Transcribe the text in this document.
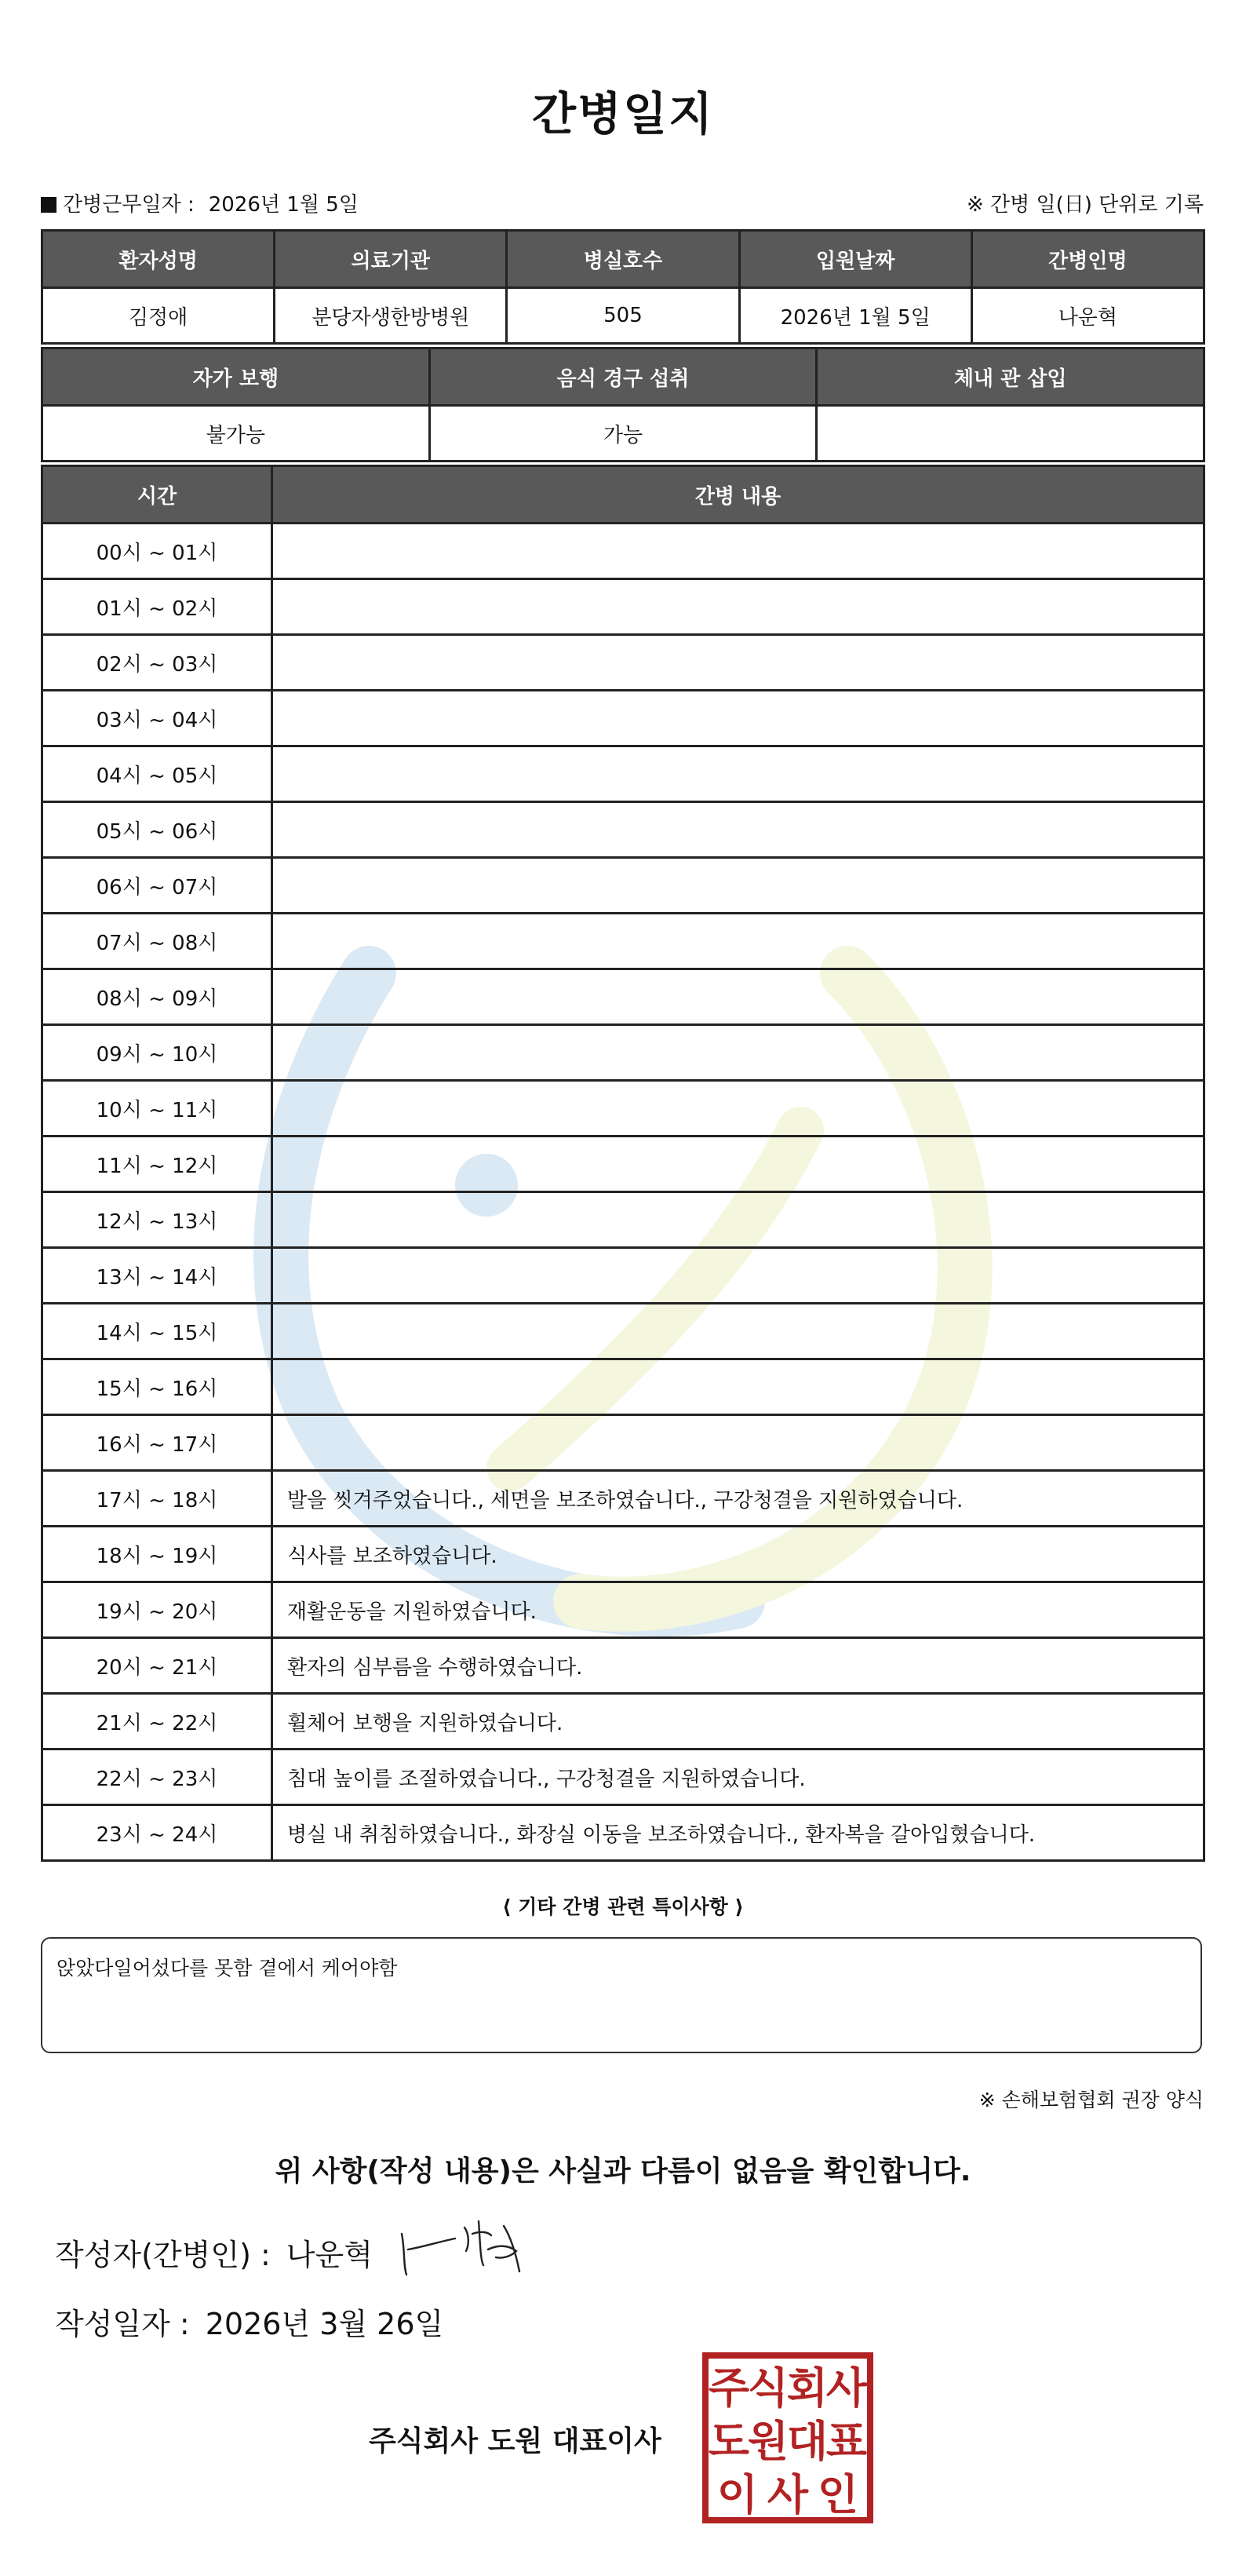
간병일지
간병근무일자 : 2026년 1월 5일	※ 간병 일(日) 단위로 기록
환자성명	의료기관	병실호수	입원날짜	간병인명
김정애	분당자생한방병원	505	2026년 1월 5일	나운혁
자가 보행	음식 경구 섭취	체내 관 삽입
불가능	가능	
시간	간병 내용
00시 ~ 01시	
01시 ~ 02시	
02시 ~ 03시	
03시 ~ 04시	
04시 ~ 05시	
05시 ~ 06시	
06시 ~ 07시	
07시 ~ 08시	
08시 ~ 09시	
09시 ~ 10시	
10시 ~ 11시	
11시 ~ 12시	
12시 ~ 13시	
13시 ~ 14시	
14시 ~ 15시	
15시 ~ 16시	
16시 ~ 17시	
17시 ~ 18시	발을 씻겨주었습니다., 세면을 보조하였습니다., 구강청결을 지원하였습니다.
18시 ~ 19시	식사를 보조하였습니다.
19시 ~ 20시	재활운동을 지원하였습니다.
20시 ~ 21시	환자의 심부름을 수행하였습니다.
21시 ~ 22시	휠체어 보행을 지원하였습니다.
22시 ~ 23시	침대 높이를 조절하였습니다., 구강청결을 지원하였습니다.
23시 ~ 24시	병실 내 취침하였습니다., 화장실 이동을 보조하였습니다., 환자복을 갈아입혔습니다.
⟨ 기타 간병 관련 특이사항 ⟩
앉았다일어섰다를 못함 곁에서 케어야함
※ 손해보험협회 권장 양식
위 사항(작성 내용)은 사실과 다름이 없음을 확인합니다.
작성자(간병인) : 나운혁
작성일자 : 2026년 3월 26일
주식회사 도원 대표이사
주
식
회
사
도
원
대
표
이 사 인
